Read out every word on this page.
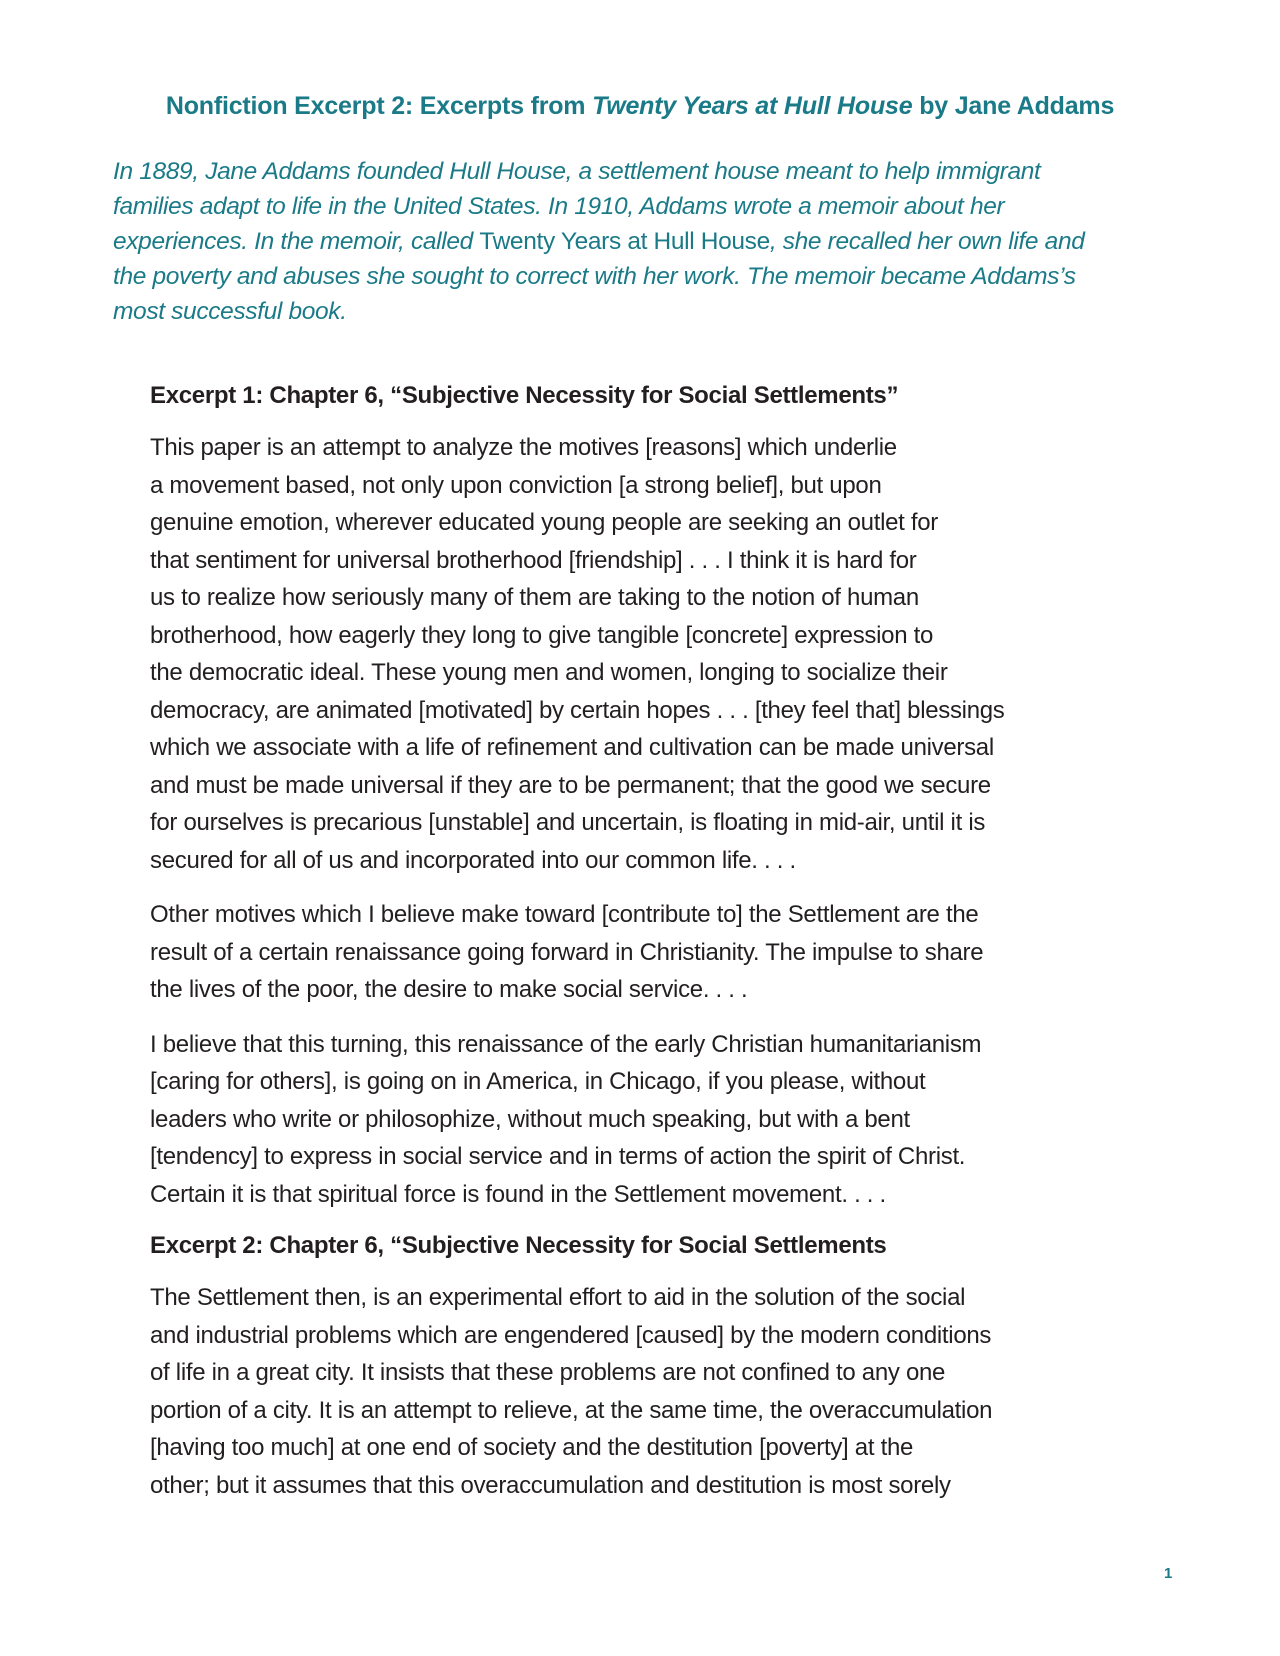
Nonfiction Excerpt 2: Excerpts from Twenty Years at Hull House by Jane Addams
In 1889, Jane Addams founded Hull House, a settlement house meant to help immigrant
families adapt to life in the United States. In 1910, Addams wrote a memoir about her
experiences. In the memoir, called Twenty Years at Hull House, she recalled her own life and
the poverty and abuses she sought to correct with her work. The memoir became Addams’s
most successful book.
Excerpt 1: Chapter 6, “Subjective Necessity for Social Settlements”
This paper is an attempt to analyze the motives [reasons] which underlie
a movement based, not only upon conviction [a strong belief], but upon
genuine emotion, wherever educated young people are seeking an outlet for
that sentiment for universal brotherhood [friendship] . . . I think it is hard for
us to realize how seriously many of them are taking to the notion of human
brotherhood, how eagerly they long to give tangible [concrete] expression to
the democratic ideal. These young men and women, longing to socialize their
democracy, are animated [motivated] by certain hopes . . . [they feel that] blessings
which we associate with a life of refinement and cultivation can be made universal
and must be made universal if they are to be permanent; that the good we secure
for ourselves is precarious [unstable] and uncertain, is floating in mid-air, until it is
secured for all of us and incorporated into our common life. . . .
Other motives which I believe make toward [contribute to] the Settlement are the
result of a certain renaissance going forward in Christianity. The impulse to share
the lives of the poor, the desire to make social service. . . .
I believe that this turning, this renaissance of the early Christian humanitarianism
[caring for others], is going on in America, in Chicago, if you please, without
leaders who write or philosophize, without much speaking, but with a bent
[tendency] to express in social service and in terms of action the spirit of Christ.
Certain it is that spiritual force is found in the Settlement movement. . . .
Excerpt 2: Chapter 6, “Subjective Necessity for Social Settlements
The Settlement then, is an experimental effort to aid in the solution of the social
and industrial problems which are engendered [caused] by the modern conditions
of life in a great city. It insists that these problems are not confined to any one
portion of a city. It is an attempt to relieve, at the same time, the overaccumulation
[having too much] at one end of society and the destitution [poverty] at the
other; but it assumes that this overaccumulation and destitution is most sorely
1
